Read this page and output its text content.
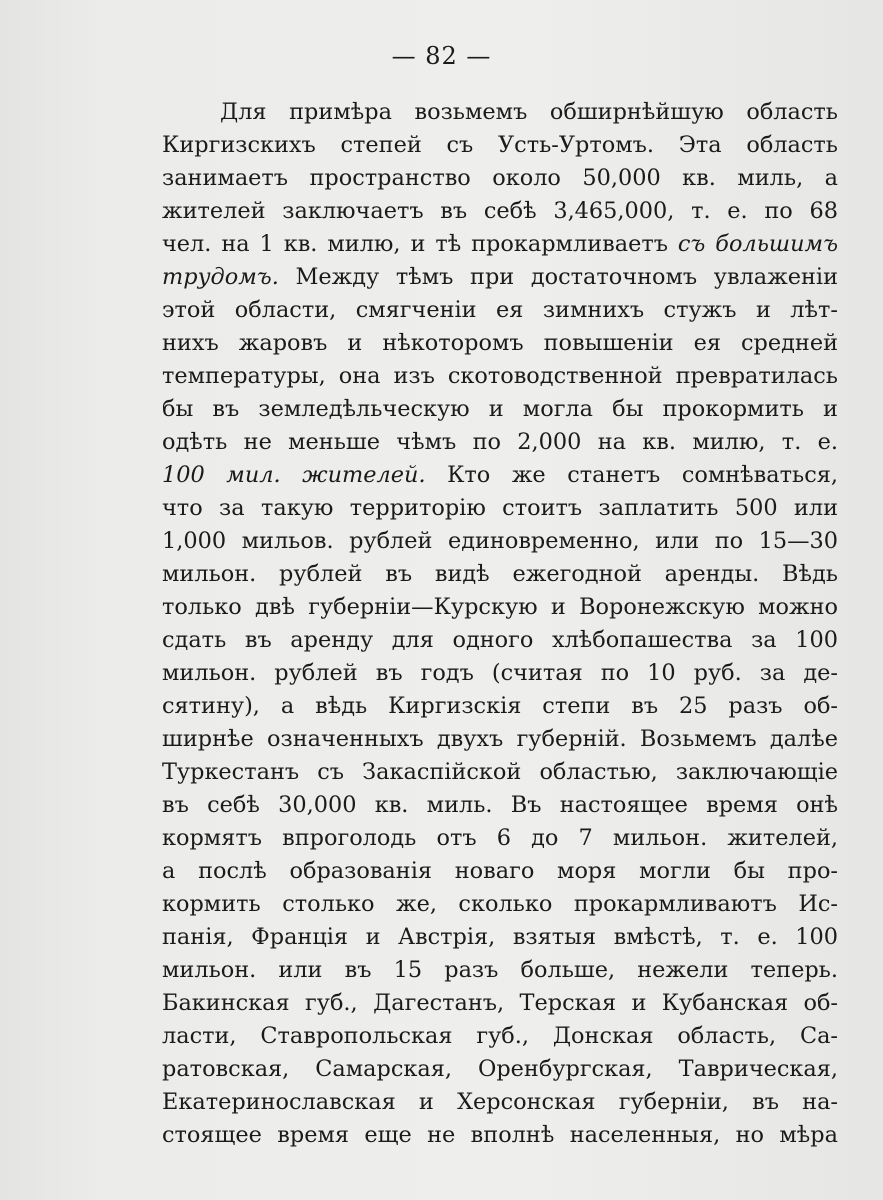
— 82 —
Для примѣра возьмемъ обширнѣйшую область
Киргизскихъ степей съ Усть-Уртомъ. Эта область
занимаетъ пространство около 50,000 кв. миль, а
жителей заключаетъ въ себѣ 3,465,000, т. е. по 68
чел. на 1 кв. милю, и тѣ прокармливаетъ съ большимъ
трудомъ. Между тѣмъ при достаточномъ увлаженіи
этой области, смягченіи ея зимнихъ стужъ и лѣт-
нихъ жаровъ и нѣкоторомъ повышеніи ея средней
температуры, она изъ скотоводственной превратилась
бы въ земледѣльческую и могла бы прокормить и
одѣть не меньше чѣмъ по 2,000 на кв. милю, т. е.
100 мил. жителей. Кто же станетъ сомнѣваться,
что за такую территорію стоитъ заплатить 500 или
1,000 мильов. рублей единовременно, или по 15—30
мильон. рублей въ видѣ ежегодной аренды. Вѣдь
только двѣ губерніи—Курскую и Воронежскую можно
сдать въ аренду для одного хлѣбопашества за 100
мильон. рублей въ годъ (считая по 10 руб. за де-
сятину), а вѣдь Киргизскія степи въ 25 разъ об-
ширнѣе означенныхъ двухъ губерній. Возьмемъ далѣе
Туркестанъ съ Закаспійской областью, заключающіе
въ себѣ 30,000 кв. миль. Въ настоящее время онѣ
кормятъ впроголодь отъ 6 до 7 мильон. жителей,
а послѣ образованія новаго моря могли бы про-
кормить столько же, сколько прокармливаютъ Ис-
панія, Франція и Австрія, взятыя вмѣстѣ, т. е. 100
мильон. или въ 15 разъ больше, нежели теперь.
Бакинская губ., Дагестанъ, Терская и Кубанская об-
ласти, Ставропольская губ., Донская область, Са-
ратовская, Самарская, Оренбургская, Таврическая,
Екатеринославская и Херсонская губерніи, въ на-
стоящее время еще не вполнѣ населенныя, но мѣра
